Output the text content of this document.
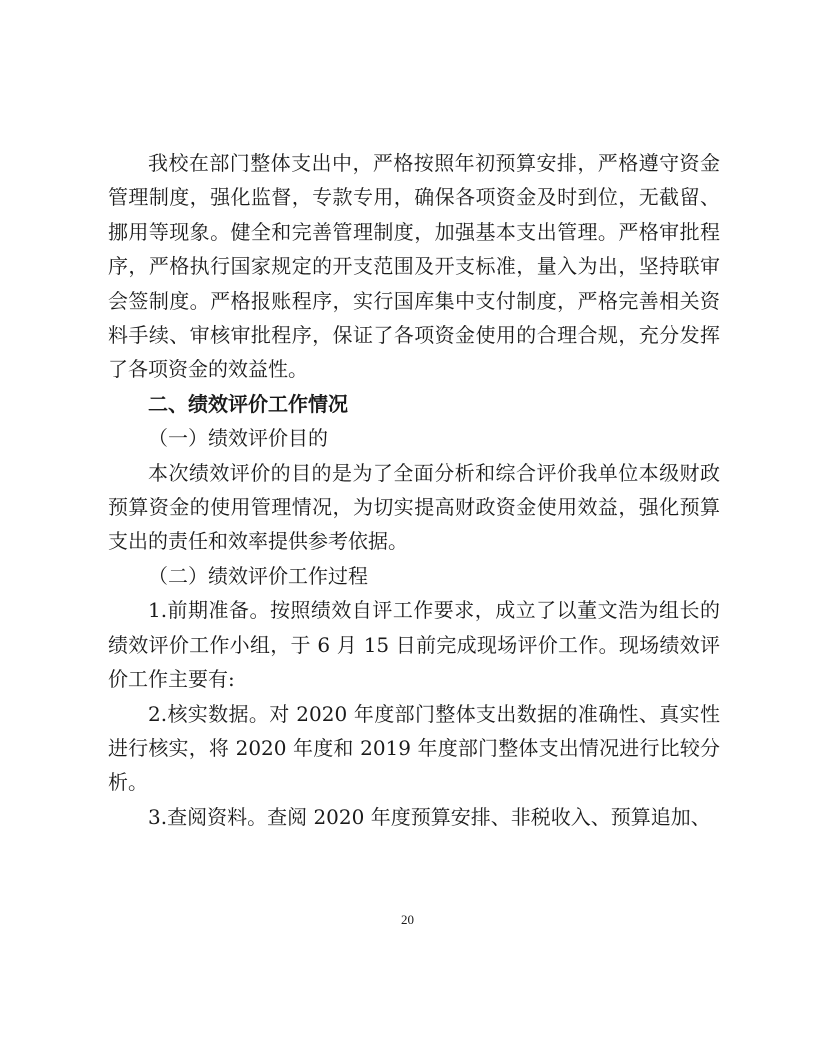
我校在部门整体支出中，严格按照年初预算安排，严格遵守资金管理制度，强化监督，专款专用，确保各项资金及时到位，无截留、挪用等现象。健全和完善管理制度，加强基本支出管理。严格审批程序，严格执行国家规定的开支范围及开支标准，量入为出，坚持联审会签制度。严格报账程序，实行国库集中支付制度，严格完善相关资料手续、审核审批程序，保证了各项资金使用的合理合规，充分发挥了各项资金的效益性。

二、绩效评价工作情况

（一）绩效评价目的

本次绩效评价的目的是为了全面分析和综合评价我单位本级财政预算资金的使用管理情况，为切实提高财政资金使用效益，强化预算支出的责任和效率提供参考依据。

（二）绩效评价工作过程

1.前期准备。按照绩效自评工作要求，成立了以董文浩为组长的绩效评价工作小组，于 6 月 15 日前完成现场评价工作。现场绩效评价工作主要有:

2.核实数据。对 2020 年度部门整体支出数据的准确性、真实性进行核实，将 2020 年度和 2019 年度部门整体支出情况进行比较分析。

3.查阅资料。查阅 2020 年度预算安排、非税收入、预算追加、

20
